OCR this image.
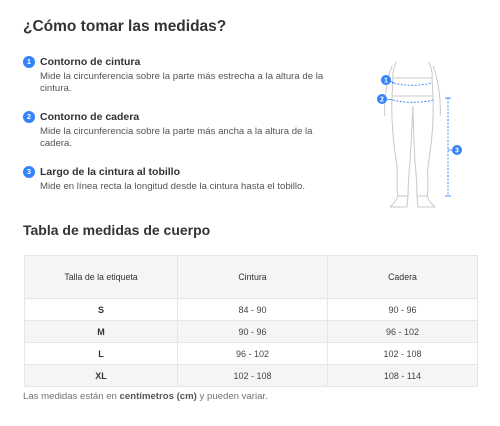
¿Cómo tomar las medidas?
1 Contorno de cintura
Mide la circunferencia sobre la parte más estrecha a la altura de la cintura.
2 Contorno de cadera
Mide la circunferencia sobre la parte más ancha a la altura de la cadera.
3 Largo de la cintura al tobillo
Mide en línea recta la longitud desde la cintura hasta el tobillo.
1
2
3
Tabla de medidas de cuerpo
Talla de la etiqueta	Cintura	Cadera
S	84 - 90	90 - 96
M	90 - 96	96 - 102
L	96 - 102	102 - 108
XL	102 - 108	108 - 114

Las medidas están en centímetros (cm) y pueden variar.
